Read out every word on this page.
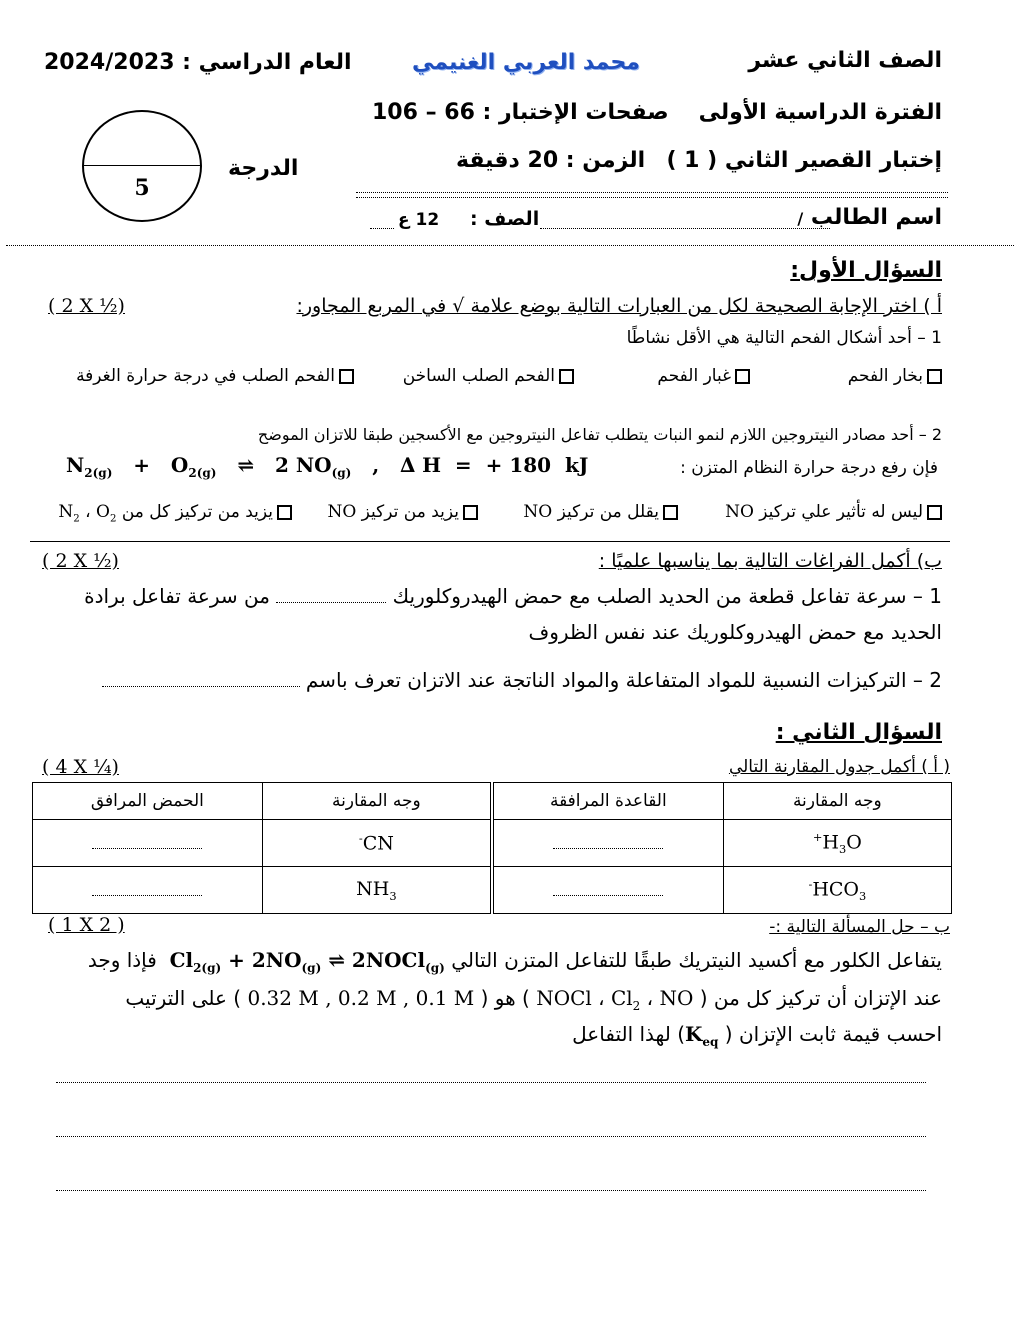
الصف الثاني عشر
الفترة الدراسية الأولى
إختبار القصير الثاني ( 1 )
العام الدراسي : 2024/2023	محمد العربي الغنيمي
صفحات الإختبار : 66 – 106
الزمن : 20 دقيقة
5
الدرجة
اسم الطالب /
الصف :
12 ع
السؤال الأول:
أ ) اختر الإجابة الصحيحة لكل من العبارات التالية بوضع علامة √ في المربع المجاور:
( 2 X ½)
1 – أحد أشكال الفحم التالية هي الأقل نشاطًا
بخار الفحم
غبار الفحم
الفحم الصلب الساخن
الفحم الصلب في درجة حرارة الغرفة
2 – أحد مصادر النيتروجين اللازم لنمو النبات يتطلب تفاعل النيتروجين مع الأكسجين طبقا للاتزان الموضح
$N_{2(g)} + O_{2(g)}$   ⇌   2 $NO_{(g)}$   ,   ∆ H  =  + 180  kJ	فإن رفع درجة حرارة النظام المتزن :
ليس له تأثير علي تركيز NO
يقلل من تركيز NO
يزيد من تركيز NO
يزيد من تركيز كل من $N_2$ ، $O_2$
ب) أكمل الفراغات التالية بما يناسبها علميًا :
( 2 X ½)
1 – سرعة تفاعل قطعة من الحديد الصلب مع حمض الهيدروكلوريك  من سرعة تفاعل برادة
الحديد مع حمض الهيدروكلوريك عند نفس الظروف
2 – التركيزات النسبية للمواد المتفاعلة والمواد الناتجة عند الاتزان تعرف باسم
السؤال الثاني :
( أ ) أكمل جدول المقارنة التالي
( 4 X ¼)
وجه المقارنة	القاعدة المرافقة	وجه المقارنة	الحمض المرافق
$H_3O^+$		CN-	
$HCO_3^-$		$NH_3$	
ب – حل المسألة التالية :-
( 1 X 2 )
يتفاعل الكلور مع أكسيد النيتريك طبقًا للتفاعل المتزن التالي $Cl_{2(g)} + 2NO_{(g)}$ ⇌ 2NOCl$_{(g)}$  فإذا وجد
عند الإتزان أن تركيز كل من ( NOCl ، $Cl_2$ ، NO ) هو ( 0.32 M , 0.2 M , 0.1 M ) على الترتيب
احسب قيمة ثابت الإتزان ( $K_{eq}$) لهذا التفاعل
